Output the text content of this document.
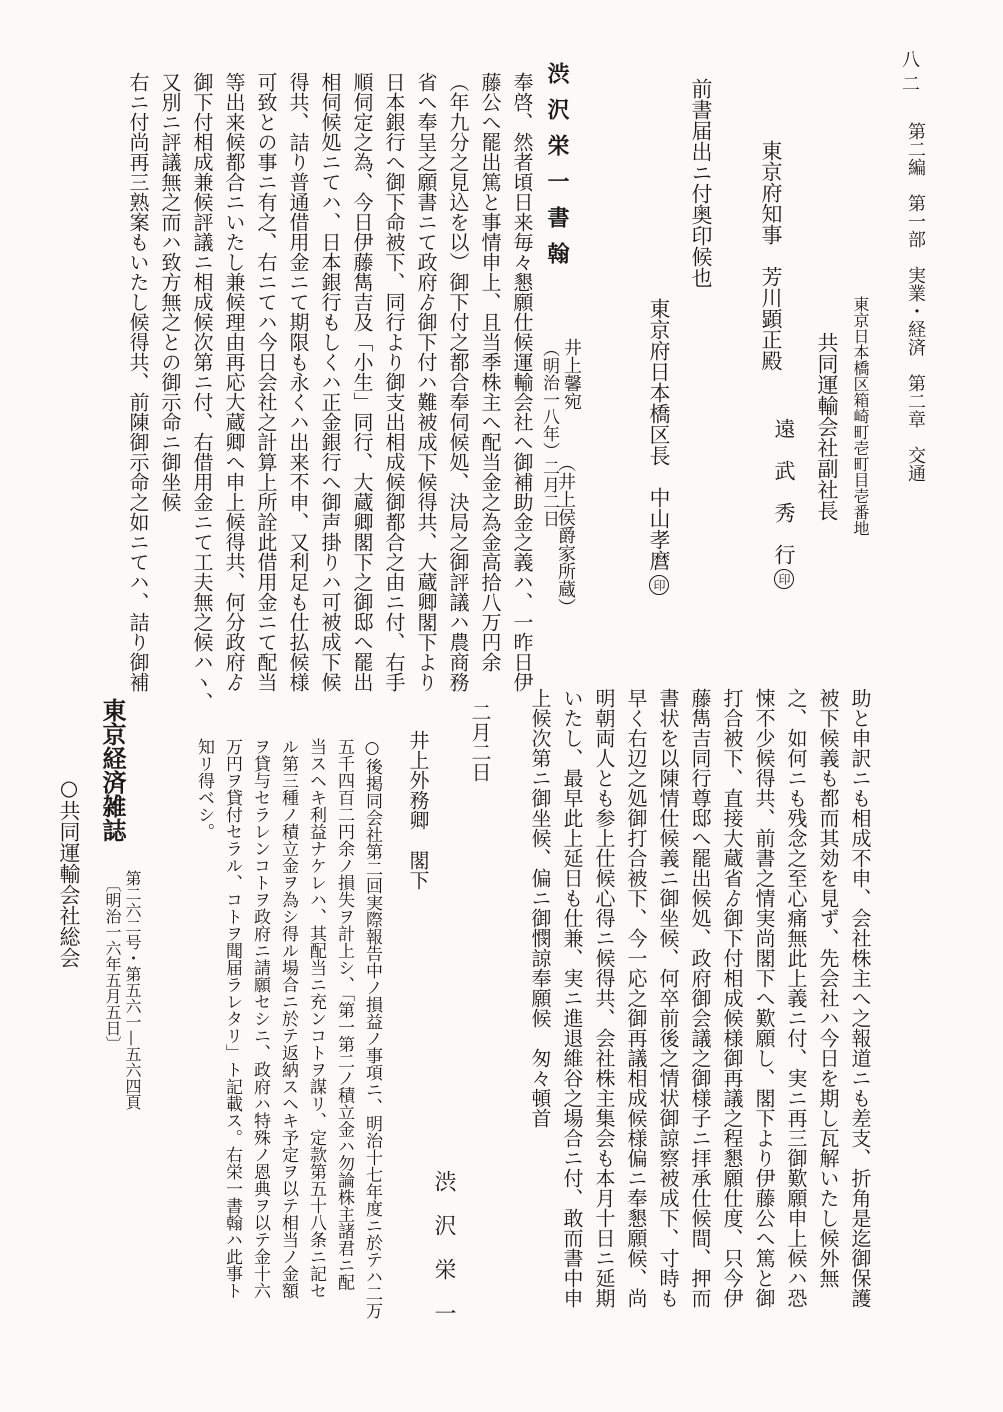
八二
第二編　第一部　実業・経済　第二章　交通
東京日本橋区箱崎町壱町目壱番地
共同運輸会社副社長
遠　武　秀　行印
東京府知事　芳川顕正殿
前書届出ニ付奥印候也
東京府日本橋区長　中山孝麿印
渋沢栄一書翰
井上馨宛
（明治一八年）二月二日
（井上侯爵家所蔵）
奉啓、然者頃日来毎々懇願仕候運輸会社へ御補助金之義ハ、一昨日伊
藤公へ罷出篤と事情申上、且当季株主へ配当金之為金高拾八万円余
（年九分之見込を以）御下付之都合奉伺候処、決局之御評議ハ農商務
省へ奉呈之願書ニて政府ゟ御下付ハ難被成下候得共、大蔵卿閣下より
日本銀行へ御下命被下、同行より御支出相成候御都合之由ニ付、右手
順伺定之為、今日伊藤雋吉及「小生」同行、大蔵卿閣下之御邸へ罷出
相伺候処ニてハ、日本銀行もしくハ正金銀行へ御声掛りハ可被成下候
得共、詰り普通借用金ニて期限も永くハ出来不申、又利足も仕払候様
可致との事ニ有之、右ニてハ今日会社之計算上所詮此借用金ニて配当
等出来候都合ニいたし兼候理由再応大蔵卿へ申上候得共、何分政府ゟ
御下付相成兼候評議ニ相成候次第ニ付、右借用金ニて工夫無之候ハヽ、
又別ニ評議無之而ハ致方無之との御示命ニ御坐候
右ニ付尚再三熟案もいたし候得共、前陳御示命之如ニてハ、詰り御補
助と申訳ニも相成不申、会社株主へ之報道ニも差支、折角是迄御保護
被下候義も都而其効を見ず、先会社ハ今日を期し瓦解いたし候外無
之、如何ニも残念之至心痛無此上義ニ付、実ニ再三御歎願申上候ハ恐
悚不少候得共、前書之情実尚閣下へ歎願し、閣下より伊藤公へ篤と御
打合被下、直接大蔵省ゟ御下付相成候様御再議之程懇願仕度、只今伊
藤雋吉同行尊邸へ罷出候処、政府御会議之御様子ニ拝承仕候間、押而
書状を以陳情仕候義ニ御坐候、何卒前後之情状御諒察被成下、寸時も
早く右辺之処御打合被下、今一応之御再議相成候様偏ニ奉懇願候、尚
明朝両人とも参上仕候心得ニ候得共、会社株主集会も本月十日ニ延期
いたし、最早此上延日も仕兼、実ニ進退維谷之場合ニ付、敢而書中申
上候次第ニ御坐候、偏ニ御憫諒奉願候　匆々頓首
二月二日
渋　沢　栄　一
井上外務卿　閣下
○後掲同会社第二回実際報告中ノ損益ノ事項ニ、明治十七年度ニ於テハ二万
五千四百二円余ノ損失ヲ計上シ、「第一第二ノ積立金ハ勿論株主諸君ニ配
当スヘキ利益ナケレハ、其配当ニ充ンコトヲ謀リ、定款第五十八条ニ記セ
ル第三種ノ積立金ヲ為シ得ル場合ニ於テ返納スヘキ予定ヲ以テ相当ノ金額
ヲ貸与セラレンコトヲ政府ニ請願セシニ、政府ハ特殊ノ恩典ヲ以テ金十六
万円ヲ貸付セラル、コトヲ聞届ラレタリ」ト記載ス。右栄一書翰ハ此事ト
知リ得ベシ。
東京経済雑誌
第二六二号・第五六一—五六四頁
〔明治一六年五月五日〕
○共同運輸会社総会
